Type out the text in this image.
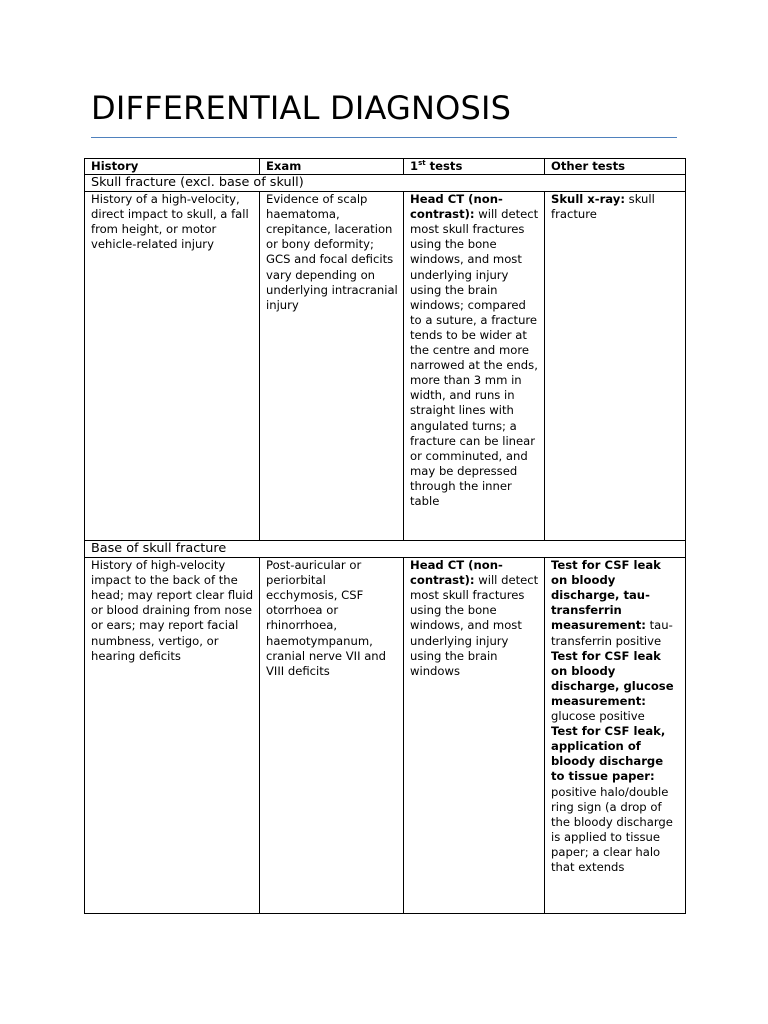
DIFFERENTIAL DIAGNOSIS
History	Exam	1st tests	Other tests
Skull fracture (excl. base of skull)			
History of a high-velocity, direct impact to skull, a fall from height, or motor vehicle-related injury	Evidence of scalp haematoma, crepitance, laceration or bony deformity; GCS and focal deficits vary depending on underlying intracranial injury	Head CT (non-contrast): will detect most skull fractures using the bone windows, and most underlying injury using the brain windows; compared to a suture, a fracture tends to be wider at the centre and more narrowed at the ends, more than 3 mm in width, and runs in straight lines with angulated turns; a fracture can be linear or comminuted, and may be depressed through the inner table	Skull x-ray: skull fracture

Base of skull fracture			
History of high-velocity impact to the back of the head; may report clear fluid or blood draining from nose or ears; may report facial numbness, vertigo, or hearing deficits	Post-auricular or periorbital ecchymosis, CSF otorrhoea or rhinorrhoea, haemotympanum, cranial nerve VII and VIII deficits	Head CT (non-contrast): will detect most skull fractures using the bone windows, and most underlying injury using the brain windows	Test for CSF leak on bloody discharge, tau-transferrin measurement: tau-transferrin positive
Test for CSF leak on bloody discharge, glucose measurement: glucose positive
Test for CSF leak, application of bloody discharge to tissue paper: positive halo/double ring sign (a drop of the bloody discharge is applied to tissue paper; a clear halo that extends
